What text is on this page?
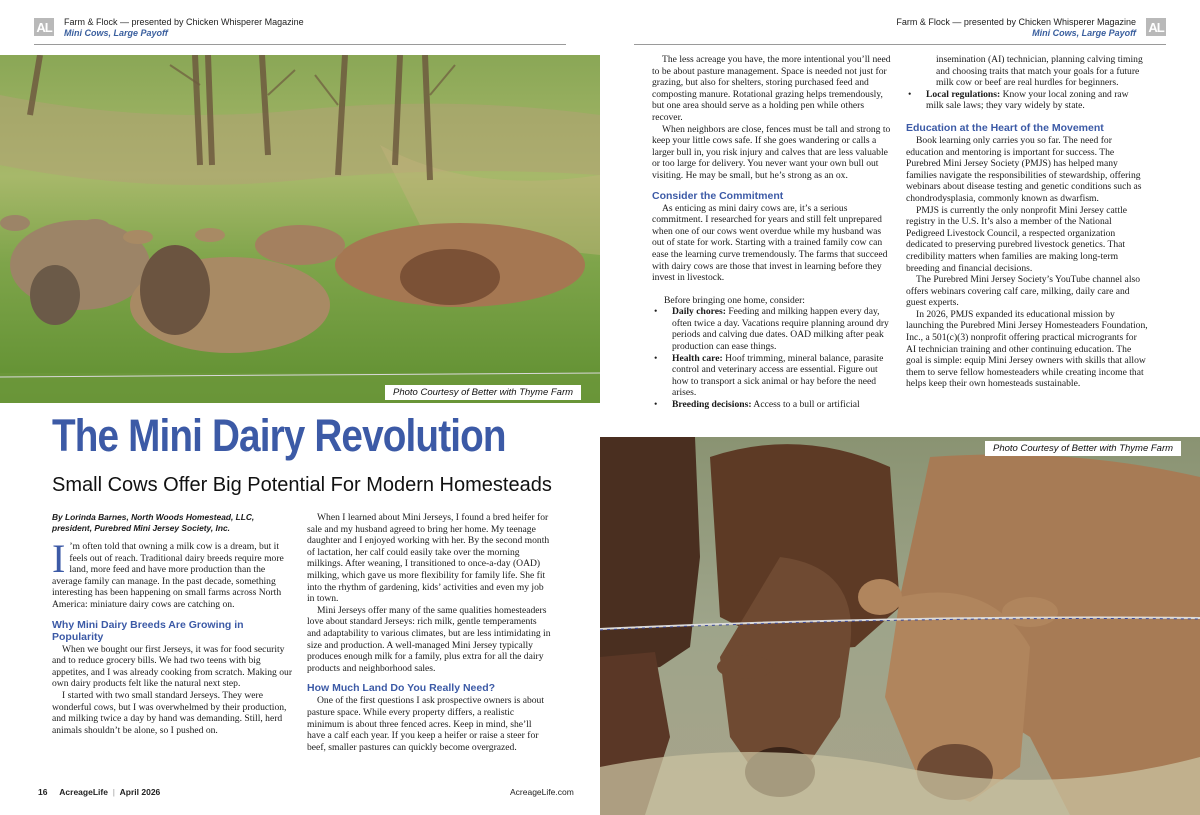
AL Farm & Flock — presented by Chicken Whisperer Magazine
Mini Cows, Large Payoff
Farm & Flock — presented by Chicken Whisperer Magazine
Mini Cows, Large Payoff AL
Photo Courtesy of Better with Thyme Farm
The Mini Dairy Revolution
Small Cows Offer Big Potential For Modern Homesteads
By Lorinda Barnes, North Woods Homestead, LLC, president, Purebred Mini Jersey Society, Inc.

I ’m often told that owning a milk cow is a dream, but it feels out of reach. Traditional dairy breeds require more land, more feed and have more production than the average family can manage. In the past decade, something interesting has been happening on small farms across North America: miniature dairy cows are catching on.

Why Mini Dairy Breeds Are Growing in Popularity

When we bought our first Jerseys, it was for food security and to reduce grocery bills. We had two teens with big appetites, and I was already cooking from scratch. Making our own dairy products felt like the natural next step.

I started with two small standard Jerseys. They were wonderful cows, but I was overwhelmed by their production, and milking twice a day by hand was demanding. Still, herd animals shouldn’t be alone, so I pushed on.

When I learned about Mini Jerseys, I found a bred heifer for sale and my husband agreed to bring her home. My teenage daughter and I enjoyed working with her. By the second month of lactation, her calf could easily take over the morning milkings. After weaning, I transitioned to once-a-day (OAD) milking, which gave us more flexibility for family life. She fit into the rhythm of gardening, kids’ activities and even my job in town.

Mini Jerseys offer many of the same qualities homesteaders love about standard Jerseys: rich milk, gentle temperaments and adaptability to various climates, but are less intimidating in size and production. A well-managed Mini Jersey typically produces enough milk for a family, plus extra for all the dairy products and neighborhood sales.

How Much Land Do You Really Need?

One of the first questions I ask prospective owners is about pasture space. While every property differs, a realistic minimum is about three fenced acres. Keep in mind, she’ll have a calf each year. If you keep a heifer or raise a steer for beef, smaller pastures can quickly become overgrazed.

16 AcreageLife | April 2026	AcreageLife.com

The less acreage you have, the more intentional you’ll need to be about pasture management. Space is needed not just for grazing, but also for shelters, storing purchased feed and composting manure. Rotational grazing helps tremendously, but one area should serve as a holding pen while others recover.

When neighbors are close, fences must be tall and strong to keep your little cows safe. If she goes wandering or calls a larger bull in, you risk injury and calves that are less valuable or too large for delivery. You never want your own bull out visiting. He may be small, but he’s strong as an ox.

Consider the Commitment

As enticing as mini dairy cows are, it’s a serious commitment. I researched for years and still felt unprepared when one of our cows went overdue while my husband was out of state for work. Starting with a trained family cow can ease the learning curve tremendously. The farms that succeed with dairy cows are those that invest in learning before they invest in livestock.

Before bringing one home, consider:

• Daily chores: Feeding and milking happen every day, often twice a day. Vacations require planning around dry periods and calving due dates. OAD milking after peak production can ease things.
• Health care: Hoof trimming, mineral balance, parasite control and veterinary access are essential. Figure out how to transport a sick animal or hay before the need arises.
• Breeding decisions: Access to a bull or artificial

insemination (AI) technician, planning calving timing and choosing traits that match your goals for a future milk cow or beef are real hurdles for beginners.

• Local regulations: Know your local zoning and raw milk sale laws; they vary widely by state.
Education at the Heart of the Movement

Book learning only carries you so far. The need for education and mentoring is important for success. The Purebred Mini Jersey Society (PMJS) has helped many families navigate the responsibilities of stewardship, offering webinars about disease testing and genetic conditions such as chondrodysplasia, commonly known as dwarfism.

PMJS is currently the only nonprofit Mini Jersey cattle registry in the U.S. It’s also a member of the National Pedigreed Livestock Council, a respected organization dedicated to preserving purebred livestock genetics. That credibility matters when families are making long-term breeding and financial decisions.

The Purebred Mini Jersey Society’s YouTube channel also offers webinars covering calf care, milking, daily care and guest experts.

In 2026, PMJS expanded its educational mission by launching the Purebred Mini Jersey Homesteaders Foundation, Inc., a 501(c)(3) nonprofit offering practical microgrants for AI technician training and other continuing education. The goal is simple: equip Mini Jersey owners with skills that allow them to serve fellow homesteaders while creating income that helps keep their own homesteads sustainable.

Photo Courtesy of Better with Thyme Farm
